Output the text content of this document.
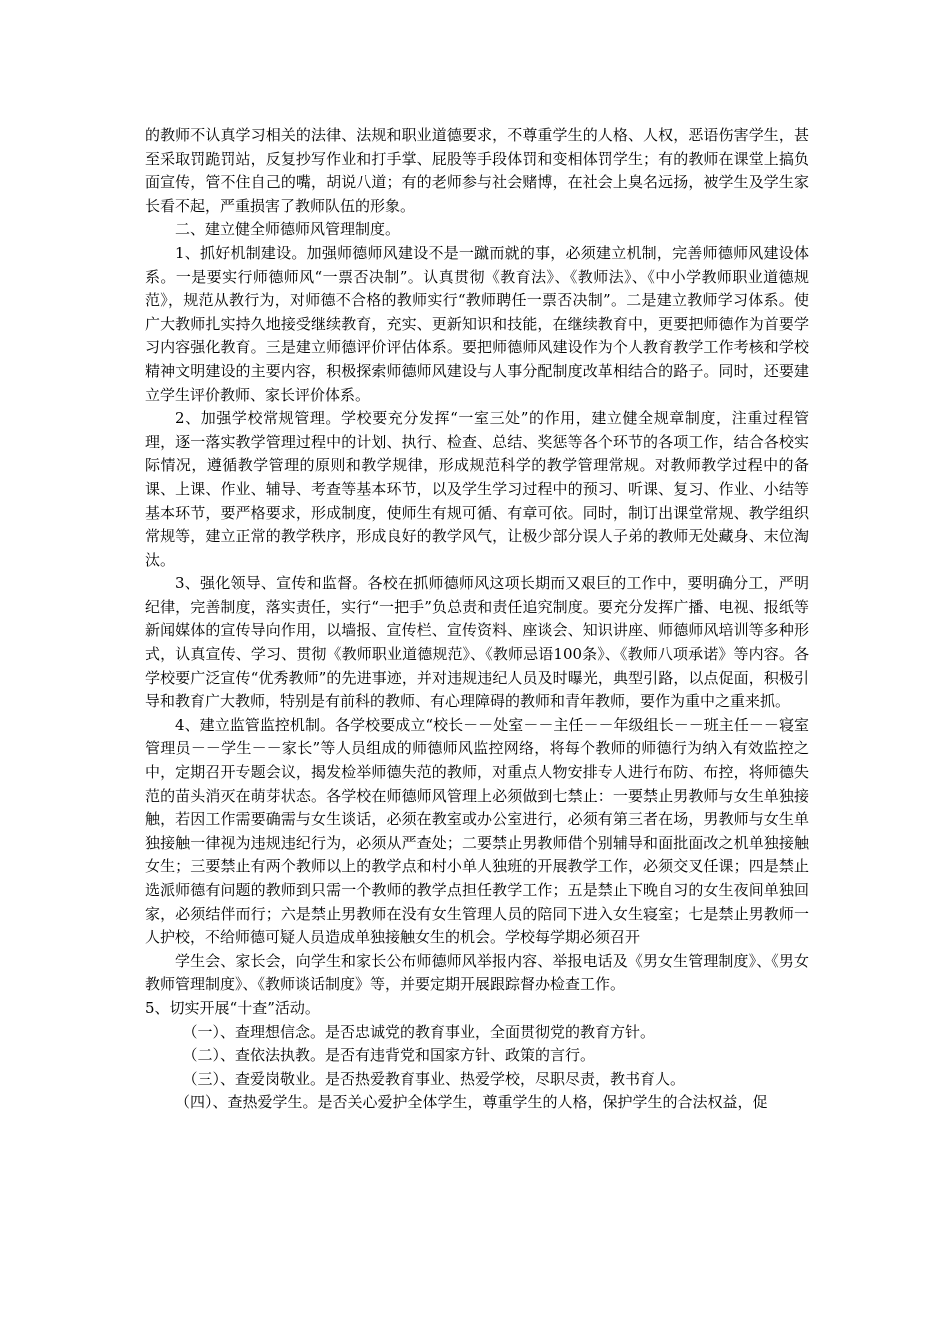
的教师不认真学习相关的法律、法规和职业道德要求，不尊重学生的人格、人权，恶语伤害学生，甚至采取罚跪罚站，反复抄写作业和打手掌、屁股等手段体罚和变相体罚学生；有的教师在课堂上搞负面宣传，管不住自己的嘴，胡说八道；有的老师参与社会赌博，在社会上臭名远扬，被学生及学生家长看不起，严重损害了教师队伍的形象。

二、建立健全师德师风管理制度。

1、抓好机制建设。加强师德师风建设不是一蹴而就的事，必须建立机制，完善师德师风建设体系。一是要实行师德师风“一票否决制”。认真贯彻《教育法》、《教师法》、《中小学教师职业道德规范》，规范从教行为，对师德不合格的教师实行“教师聘任一票否决制”。二是建立教师学习体系。使广大教师扎实持久地接受继续教育，充实、更新知识和技能，在继续教育中，更要把师德作为首要学习内容强化教育。三是建立师德评价评估体系。要把师德师风建设作为个人教育教学工作考核和学校精神文明建设的主要内容，积极探索师德师风建设与人事分配制度改革相结合的路子。同时，还要建立学生评价教师、家长评价体系。

2、加强学校常规管理。学校要充分发挥“一室三处”的作用，建立健全规章制度，注重过程管理，逐一落实教学管理过程中的计划、执行、检查、总结、奖惩等各个环节的各项工作，结合各校实际情况，遵循教学管理的原则和教学规律，形成规范科学的教学管理常规。对教师教学过程中的备课、上课、作业、辅导、考查等基本环节，以及学生学习过程中的预习、听课、复习、作业、小结等基本环节，要严格要求，形成制度，使师生有规可循、有章可依。同时，制订出课堂常规、教学组织常规等，建立正常的教学秩序，形成良好的教学风气，让极少部分误人子弟的教师无处藏身、末位淘汰。

3、强化领导、宣传和监督。各校在抓师德师风这项长期而又艰巨的工作中，要明确分工，严明纪律，完善制度，落实责任，实行“一把手”负总责和责任追究制度。要充分发挥广播、电视、报纸等新闻媒体的宣传导向作用，以墙报、宣传栏、宣传资料、座谈会、知识讲座、师德师风培训等多种形式，认真宣传、学习、贯彻《教师职业道德规范》、《教师忌语100条》、《教师八项承诺》等内容。各学校要广泛宣传“优秀教师”的先进事迹，并对违规违纪人员及时曝光，典型引路，以点促面，积极引导和教育广大教师，特别是有前科的教师、有心理障碍的教师和青年教师，要作为重中之重来抓。

4、建立监管监控机制。各学校要成立“校长－－处室－－主任－－年级组长－－班主任－－寝室管理员－－学生－－家长”等人员组成的师德师风监控网络，将每个教师的师德行为纳入有效监控之中，定期召开专题会议，揭发检举师德失范的教师，对重点人物安排专人进行布防、布控，将师德失范的苗头消灭在萌芽状态。各学校在师德师风管理上必须做到七禁止：一要禁止男教师与女生单独接触，若因工作需要确需与女生谈话，必须在教室或办公室进行，必须有第三者在场，男教师与女生单独接触一律视为违规违纪行为，必须从严查处；二要禁止男教师借个别辅导和面批面改之机单独接触女生；三要禁止有两个教师以上的教学点和村小单人独班的开展教学工作，必须交叉任课；四是禁止选派师德有问题的教师到只需一个教师的教学点担任教学工作；五是禁止下晚自习的女生夜间单独回家，必须结伴而行；六是禁止男教师在没有女生管理人员的陪同下进入女生寝室；七是禁止男教师一人护校，不给师德可疑人员造成单独接触女生的机会。学校每学期必须召开

学生会、家长会，向学生和家长公布师德师风举报内容、举报电话及《男女生管理制度》、《男女教师管理制度》、《教师谈话制度》等，并要定期开展跟踪督办检查工作。

5、切实开展“十查”活动。

（一）、查理想信念。是否忠诚党的教育事业，全面贯彻党的教育方针。

（二）、查依法执教。是否有违背党和国家方针、政策的言行。

（三）、查爱岗敬业。是否热爱教育事业、热爱学校，尽职尽责，教书育人。

（四）、查热爱学生。是否关心爱护全体学生，尊重学生的人格，保护学生的合法权益，促
